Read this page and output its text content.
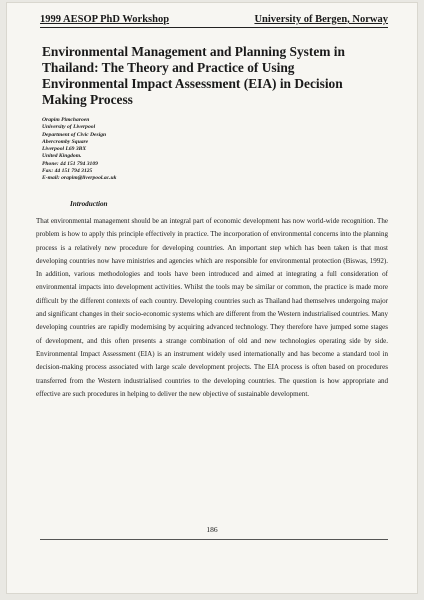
1999 AESOP PhD Workshop	University of Bergen, Norway
Environmental Management and Planning System in Thailand: The Theory and Practice of Using Environmental Impact Assessment (EIA) in Decision Making Process
Orapim Pimcharoen
University of Liverpool
Department of Civic Design
Abercromby Square
Liverpool L69 3BX
United Kingdom.
Phone: 44 151 794 3109
Fax: 44 151 794 3125
E-mail: orapim@liverpool.ac.uk
Introduction
That environmental management should be an integral part of economic development has now world-wide recognition. The problem is how to apply this principle effectively in practice. The incorporation of environmental concerns into the planning process is a relatively new procedure for developing countries. An important step which has been taken is that most developing countries now have ministries and agencies which are responsible for environmental protection (Biswas, 1992). In addition, various methodologies and tools have been introduced and aimed at integrating a full consideration of environmental impacts into development activities. Whilst the tools may be similar or common, the practice is made more difficult by the different contexts of each country. Developing countries such as Thailand had themselves undergoing major and significant changes in their socio-economic systems which are different from the Western industrialised countries. Many developing countries are rapidly modernising by acquiring advanced technology. They therefore have jumped some stages of development, and this often presents a strange combination of old and new technologies operating side by side. Environmental Impact Assessment (EIA) is an instrument widely used internationally and has become a standard tool in decision-making process associated with large scale development projects. The EIA process is often based on procedures transferred from the Western industrialised countries to the developing countries. The question is how appropriate and effective are such procedures in helping to deliver the new objective of sustainable development.
186
